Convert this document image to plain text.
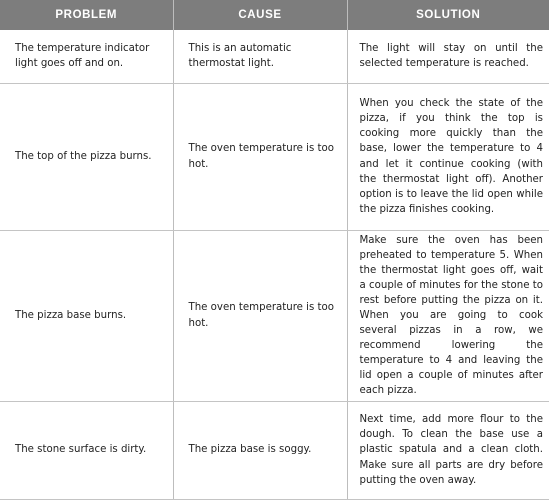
PROBLEM	CAUSE	SOLUTION
The temperature indicator light goes off and on.	This is an automatic thermostat light.	The light will stay on until the selected temperature is reached.
The top of the pizza burns.	The oven temperature is too hot.	When you check the state of the pizza, if you think the top is cooking more quickly than the base, lower the temperature to 4 and let it continue cooking (with the thermostat light off). Another option is to leave the lid open while the pizza finishes cooking.
The pizza base burns.	The oven temperature is too hot.	Make sure the oven has been preheated to temperature 5. When the thermostat light goes off, wait a couple of minutes for the stone to rest before putting the pizza on it. When you are going to cook several pizzas in a row, we recommend lowering the temperature to 4 and leaving the lid open a couple of minutes after each pizza.
The stone surface is dirty.	The pizza base is soggy.	Next time, add more flour to the dough. To clean the base use a plastic spatula and a clean cloth. Make sure all parts are dry before putting the oven away.
